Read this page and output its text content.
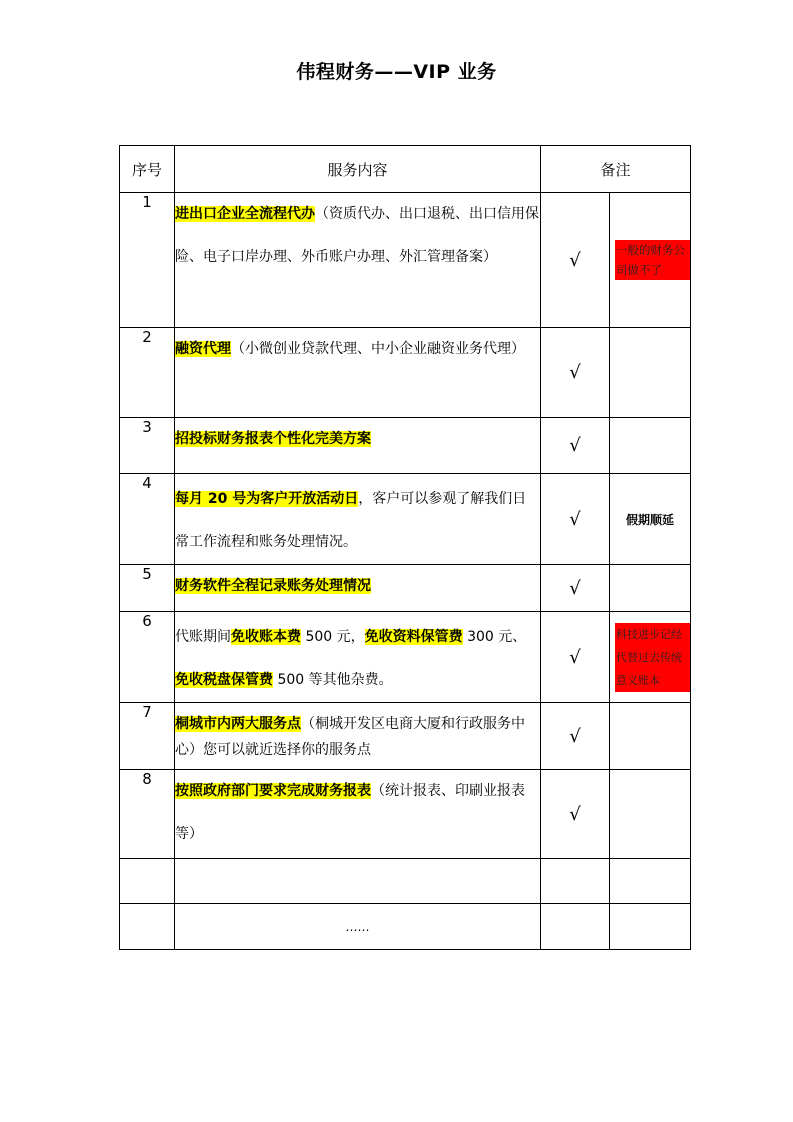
伟程财务——VIP 业务
序号	服务内容	备注	
1	进出口企业全流程代办（资质代办、出口退税、出口信用保险、电子口岸办理、外币账户办理、外汇管理备案）	√	一般的财务公司做不了
2	融资代理（小微创业贷款代理、中小企业融资业务代理）	√	
3	招投标财务报表个性化完美方案	√	
4	每月 20 号为客户开放活动日，客户可以参观了解我们日常工作流程和账务处理情况。	√	假期顺延

5	财务软件全程记录账务处理情况	√	
6	代账期间免收账本费 500 元，免收资料保管费 300 元、免收税盘保管费 500 等其他杂费。	√	科技进步记经代替过去传统意义账本
7	桐城市内两大服务点（桐城开发区电商大厦和行政服务中心）您可以就近选择你的服务点	√	
8	按照政府部门要求完成财务报表（统计报表、印刷业报表等）	√	

	……		
